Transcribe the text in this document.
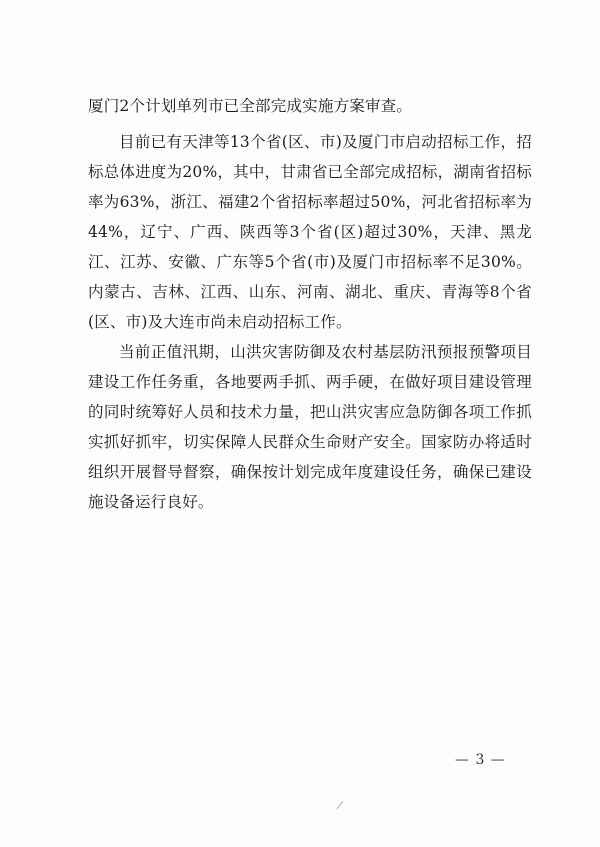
厦门2个计划单列市已全部完成实施方案审查。

目前已有天津等13个省(区、市)及厦门市启动招标工作，招标总体进度为20%，其中，甘肃省已全部完成招标，湖南省招标率为63%，浙江、福建2个省招标率超过50%，河北省招标率为44%，辽宁、广西、陕西等3个省(区)超过30%，天津、黑龙江、江苏、安徽、广东等5个省(市)及厦门市招标率不足30%。内蒙古、吉林、江西、山东、河南、湖北、重庆、青海等8个省(区、市)及大连市尚未启动招标工作。

当前正值汛期，山洪灾害防御及农村基层防汛预报预警项目建设工作任务重，各地要两手抓、两手硬，在做好项目建设管理的同时统筹好人员和技术力量，把山洪灾害应急防御各项工作抓实抓好抓牢，切实保障人民群众生命财产安全。国家防办将适时组织开展督导督察，确保按计划完成年度建设任务，确保已建设施设备运行良好。

— 3 —
